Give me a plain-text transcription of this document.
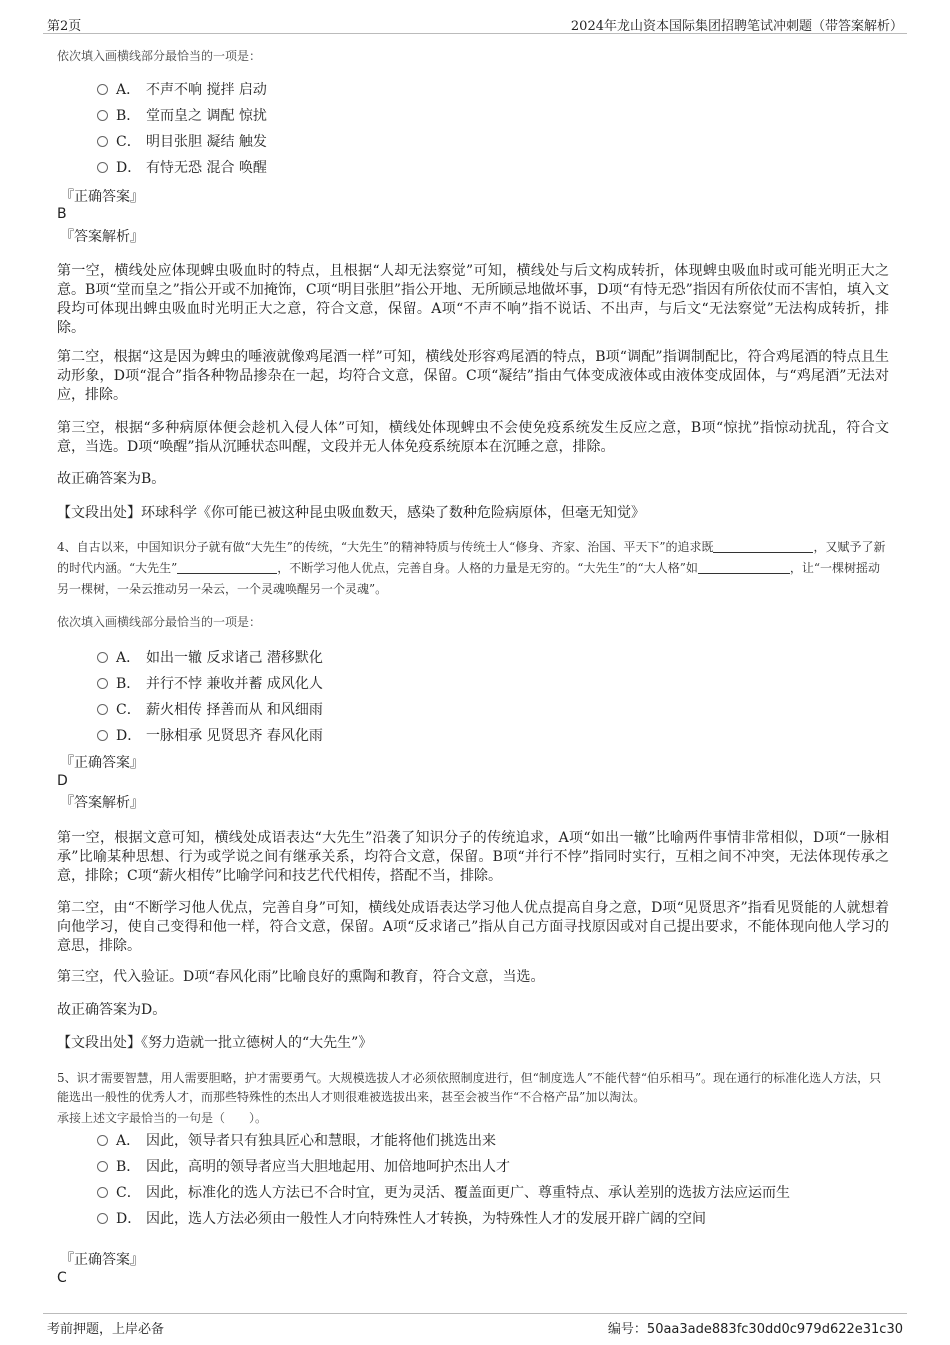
第2页	2024年龙山资本国际集团招聘笔试冲刺题（带答案解析）
依次填入画横线部分最恰当的一项是：
A． 不声不响 搅拌 启动
B． 堂而皇之 调配 惊扰
C． 明目张胆 凝结 触发
D． 有恃无恐 混合 唤醒
『正确答案』
B
『答案解析』
第一空，横线处应体现蜱虫吸血时的特点，且根据“人却无法察觉”可知，横线处与后文构成转折，体现蜱虫吸血时或可能光明正大之意。B项“堂而皇之”指公开或不加掩饰，C项“明目张胆”指公开地、无所顾忌地做坏事，D项“有恃无恐”指因有所依仗而不害怕，填入文段均可体现出蜱虫吸血时光明正大之意，符合文意，保留。A项“不声不响”指不说话、不出声，与后文“无法察觉”无法构成转折，排除。
第二空，根据“这是因为蜱虫的唾液就像鸡尾酒一样”可知，横线处形容鸡尾酒的特点，B项“调配”指调制配比，符合鸡尾酒的特点且生动形象，D项“混合”指各种物品掺杂在一起，均符合文意，保留。C项“凝结”指由气体变成液体或由液体变成固体，与“鸡尾酒”无法对应，排除。
第三空，根据“多种病原体便会趁机入侵人体”可知，横线处体现蜱虫不会使免疫系统发生反应之意，B项“惊扰”指惊动扰乱，符合文意，当选。D项“唤醒”指从沉睡状态叫醒，文段并无人体免疫系统原本在沉睡之意，排除。
故正确答案为B。
【文段出处】环球科学《你可能已被这种昆虫吸血数天，感染了数种危险病原体，但毫无知觉》
4、自古以来，中国知识分子就有做“大先生”的传统，“大先生”的精神特质与传统士人“修身、齐家、治国、平天下”的追求既	，又赋予了新的时代内涵。“大先生”	，不断学习他人优点，完善自身。人格的力量是无穷的。“大先生”的“大人格”如	，让“一棵树摇动另一棵树，一朵云推动另一朵云，一个灵魂唤醒另一个灵魂”。
依次填入画横线部分最恰当的一项是：
A． 如出一辙 反求诸己 潜移默化
B． 并行不悖 兼收并蓄 成风化人
C． 薪火相传 择善而从 和风细雨
D． 一脉相承 见贤思齐 春风化雨
『正确答案』
D
『答案解析』
第一空，根据文意可知，横线处成语表达“大先生”沿袭了知识分子的传统追求，A项“如出一辙”比喻两件事情非常相似，D项“一脉相承”比喻某种思想、行为或学说之间有继承关系，均符合文意，保留。B项“并行不悖”指同时实行，互相之间不冲突，无法体现传承之意，排除；C项“薪火相传”比喻学问和技艺代代相传，搭配不当，排除。
第二空，由“不断学习他人优点，完善自身”可知，横线处成语表达学习他人优点提高自身之意，D项“见贤思齐”指看见贤能的人就想着向他学习，使自己变得和他一样，符合文意，保留。A项“反求诸己”指从自己方面寻找原因或对自己提出要求，不能体现向他人学习的意思，排除。
第三空，代入验证。D项“春风化雨”比喻良好的熏陶和教育，符合文意，当选。
故正确答案为D。
【文段出处】《努力造就一批立德树人的“大先生”》
5、识才需要智慧，用人需要胆略，护才需要勇气。大规模选拔人才必须依照制度进行，但“制度选人”不能代替“伯乐相马”。现在通行的标准化选人方法，只能选出一般性的优秀人才，而那些特殊性的杰出人才则很难被选拔出来，甚至会被当作“不合格产品”加以淘汰。
承接上述文字最恰当的一句是（　　）。
A． 因此，领导者只有独具匠心和慧眼，才能将他们挑选出来
B． 因此，高明的领导者应当大胆地起用、加倍地呵护杰出人才
C． 因此，标准化的选人方法已不合时宜，更为灵活、覆盖面更广、尊重特点、承认差别的选拔方法应运而生
D． 因此，选人方法必须由一般性人才向特殊性人才转换，为特殊性人才的发展开辟广阔的空间
『正确答案』
C
考前押题，上岸必备	编号：50aa3ade883fc30dd0c979d622e31c30
